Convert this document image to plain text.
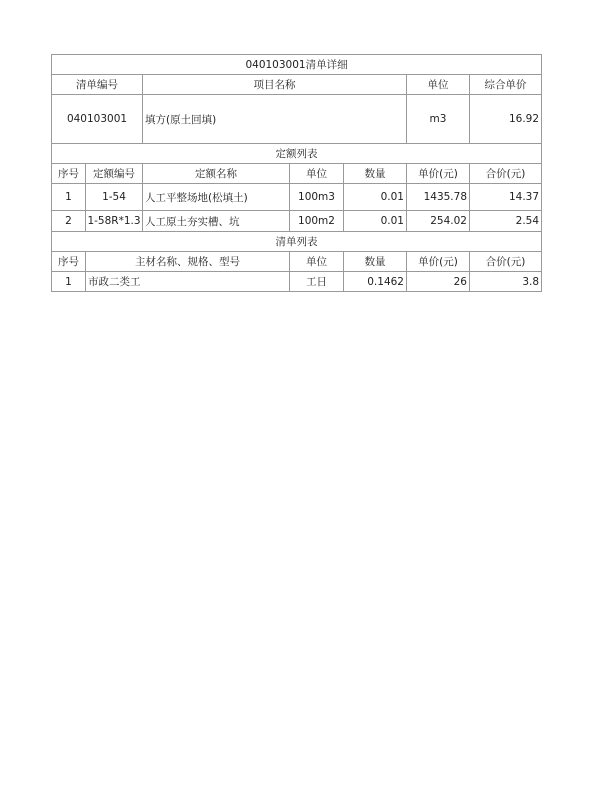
040103001清单详细						
清单编号		项目名称			单位	综合单价
040103001		填方(原土回填)			m3	16.92
定额列表						
序号	定额编号	定额名称	单位	数量	单价(元)	合价(元)
1	1-54	人工平整场地(松填土)	100m3	0.01	1435.78	14.37
2	1-58R*1.3	人工原土夯实槽、坑	100m2	0.01	254.02	2.54
清单列表						
序号	主材名称、规格、型号		单位	数量	单价(元)	合价(元)
1	市政二类工		工日	0.1462	26	3.8
